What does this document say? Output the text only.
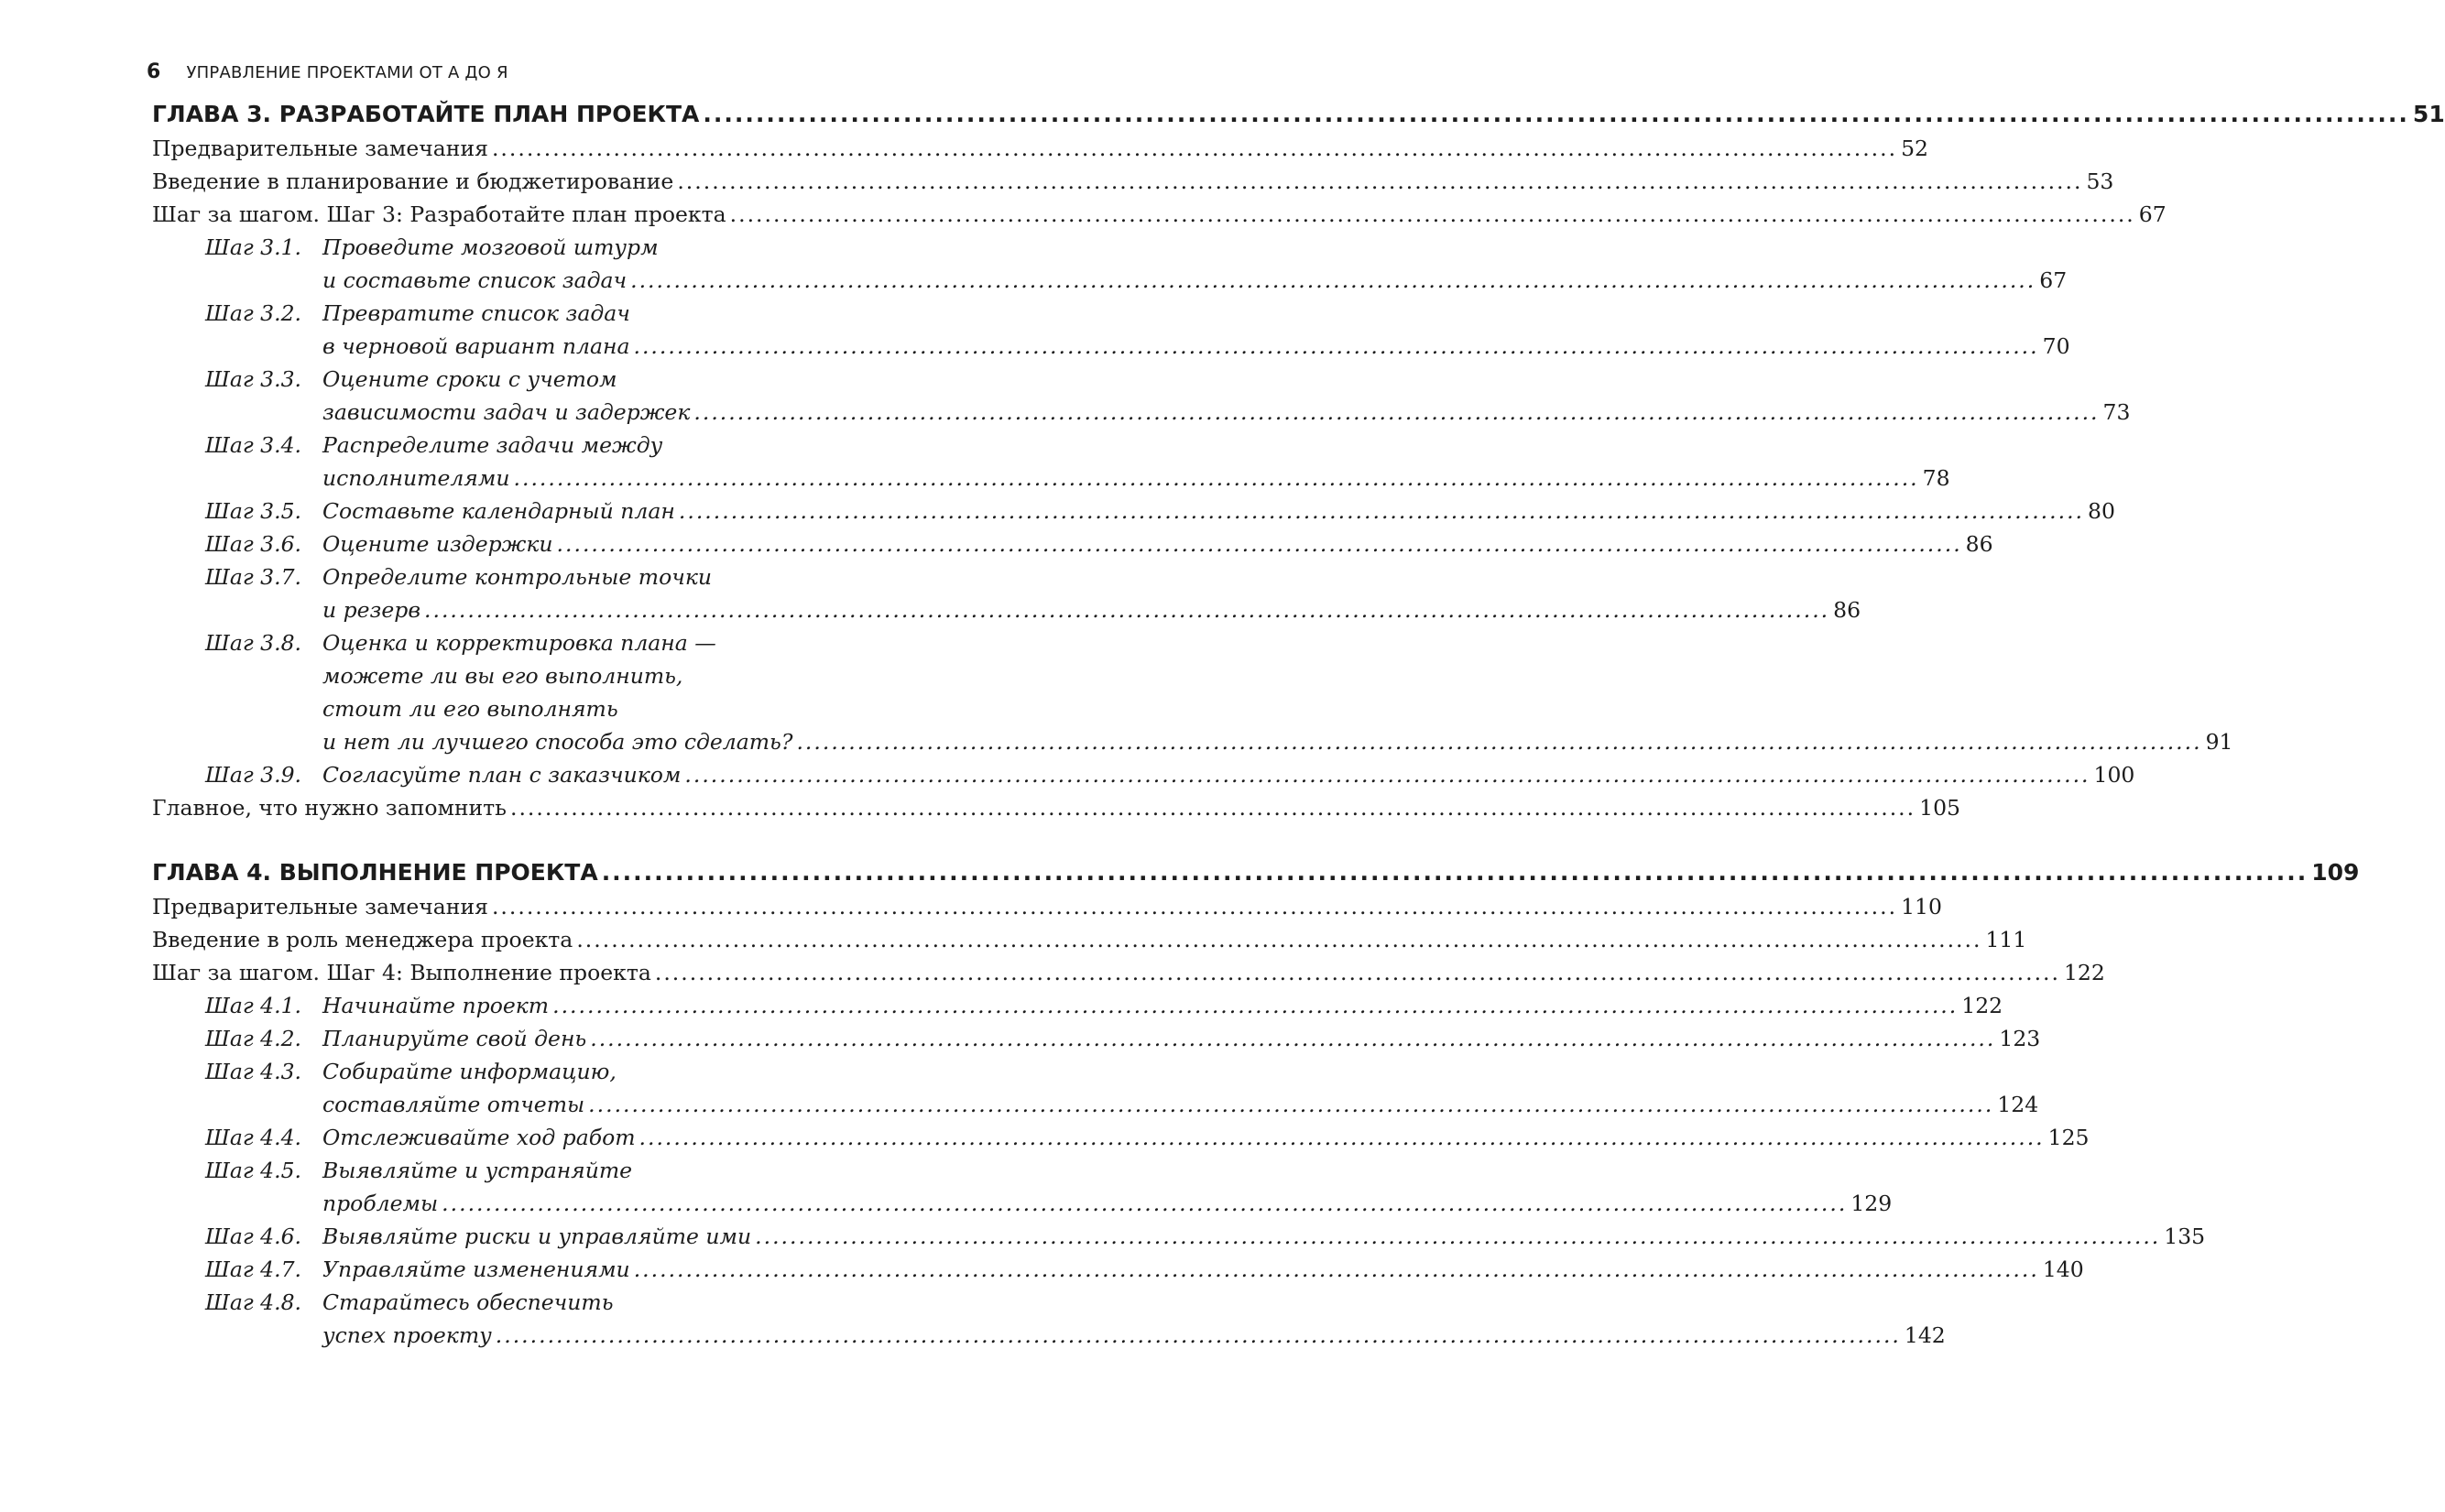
6 УПРАВЛЕНИЕ ПРОЕКТАМИ ОТ А ДО Я
ГЛАВА 3. РАЗРАБОТАЙТЕ ПЛАН ПРОЕКТА .....	51
Предварительные замечания .....	52
Введение в планирование и бюджетирование .....	53
Шаг за шагом. Шаг 3: Разработайте план проекта .....	67
Шаг 3.1. Проведите мозговой штурм
и составьте список задач .....	67
Шаг 3.2. Превратите список задач
в черновой вариант плана .....	70
Шаг 3.3. Оцените сроки с учетом
зависимости задач и задержек .....	73
Шаг 3.4. Распределите задачи между
исполнителями .....	78
Шаг 3.5. Составьте календарный план .....	80
Шаг 3.6. Оцените издержки .....	86
Шаг 3.7. Определите контрольные точки
и резерв .....	86
Шаг 3.8. Оценка и корректировка плана —
можете ли вы его выполнить,
стоит ли его выполнять
и нет ли лучшего способа это сделать? .....	91
Шаг 3.9. Согласуйте план с заказчиком .....	100
Главное, что нужно запомнить .....	105
ГЛАВА 4. ВЫПОЛНЕНИЕ ПРОЕКТА .....	109
Предварительные замечания .....	110
Введение в роль менеджера проекта .....	111
Шаг за шагом. Шаг 4: Выполнение проекта .....	122
Шаг 4.1. Начинайте проект .....	122
Шаг 4.2. Планируйте свой день .....	123
Шаг 4.3. Собирайте информацию,
составляйте отчеты .....	124
Шаг 4.4. Отслеживайте ход работ .....	125
Шаг 4.5. Выявляйте и устраняйте
проблемы .....	129
Шаг 4.6. Выявляйте риски и управляйте ими .....	135
Шаг 4.7. Управляйте изменениями .....	140
Шаг 4.8. Старайтесь обеспечить
успех проекту .....	142
